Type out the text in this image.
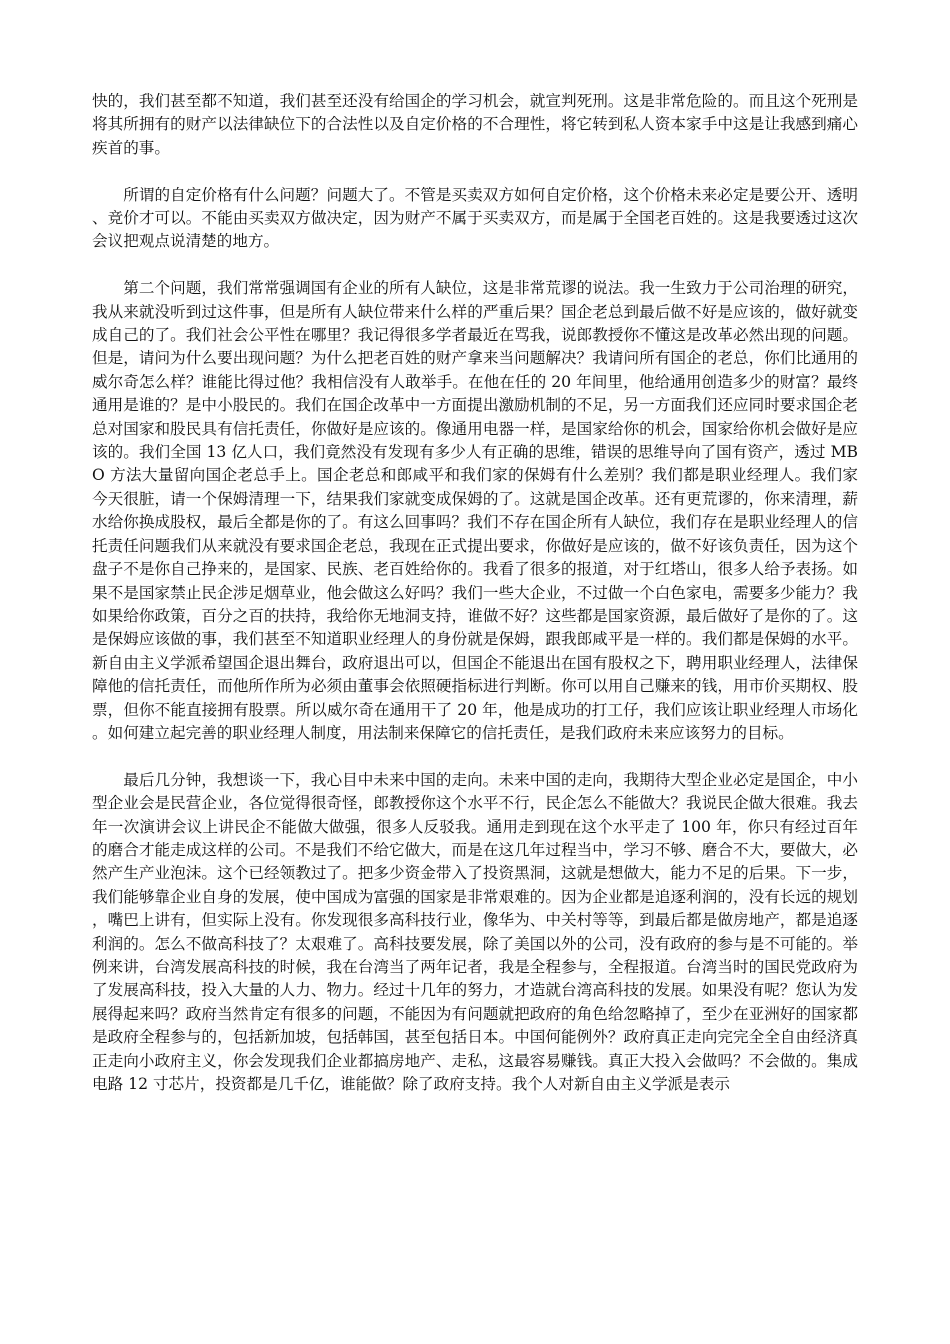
快的，我们甚至都不知道，我们甚至还没有给国企的学习机会，就宣判死刑。这是非常危险的。而且这个死刑是将其所拥有的财产以法律缺位下的合法性以及自定价格的不合理性，将它转到私人资本家手中这是让我感到痛心疾首的事。

所谓的自定价格有什么问题？问题大了。不管是买卖双方如何自定价格，这个价格未来必定是要公开、透明、竞价才可以。不能由买卖双方做决定，因为财产不属于买卖双方，而是属于全国老百姓的。这是我要透过这次会议把观点说清楚的地方。

第二个问题，我们常常强调国有企业的所有人缺位，这是非常荒谬的说法。我一生致力于公司治理的研究，我从来就没听到过这件事，但是所有人缺位带来什么样的严重后果？国企老总到最后做不好是应该的，做好就变成自己的了。我们社会公平性在哪里？我记得很多学者最近在骂我，说郎教授你不懂这是改革必然出现的问题。但是，请问为什么要出现问题？为什么把老百姓的财产拿来当问题解决？我请问所有国企的老总，你们比通用的威尔奇怎么样？谁能比得过他？我相信没有人敢举手。在他在任的 20 年间里，他给通用创造多少的财富？最终通用是谁的？是中小股民的。我们在国企改革中一方面提出激励机制的不足，另一方面我们还应同时要求国企老总对国家和股民具有信托责任，你做好是应该的。像通用电器一样，是国家给你的机会，国家给你机会做好是应该的。我们全国 13 亿人口，我们竟然没有发现有多少人有正确的思维，错误的思维导向了国有资产，透过 MBO 方法大量留向国企老总手上。国企老总和郎咸平和我们家的保姆有什么差别？我们都是职业经理人。我们家今天很脏，请一个保姆清理一下，结果我们家就变成保姆的了。这就是国企改革。还有更荒谬的，你来清理，薪水给你换成股权，最后全都是你的了。有这么回事吗？我们不存在国企所有人缺位，我们存在是职业经理人的信托责任问题我们从来就没有要求国企老总，我现在正式提出要求，你做好是应该的，做不好该负责任，因为这个盘子不是你自己挣来的，是国家、民族、老百姓给你的。我看了很多的报道，对于红塔山，很多人给予表扬。如果不是国家禁止民企涉足烟草业，他会做这么好吗？我们一些大企业，不过做一个白色家电，需要多少能力？我如果给你政策，百分之百的扶持，我给你无地洞支持，谁做不好？这些都是国家资源，最后做好了是你的了。这是保姆应该做的事，我们甚至不知道职业经理人的身份就是保姆，跟我郎咸平是一样的。我们都是保姆的水平。新自由主义学派希望国企退出舞台，政府退出可以，但国企不能退出在国有股权之下，聘用职业经理人，法律保障他的信托责任，而他所作所为必须由董事会依照硬指标进行判断。你可以用自己赚来的钱，用市价买期权、股票，但你不能直接拥有股票。所以威尔奇在通用干了 20 年，他是成功的打工仔，我们应该让职业经理人市场化。如何建立起完善的职业经理人制度，用法制来保障它的信托责任，是我们政府未来应该努力的目标。

最后几分钟，我想谈一下，我心目中未来中国的走向。未来中国的走向，我期待大型企业必定是国企，中小型企业会是民营企业，各位觉得很奇怪，郎教授你这个水平不行，民企怎么不能做大？我说民企做大很难。我去年一次演讲会议上讲民企不能做大做强，很多人反驳我。通用走到现在这个水平走了 100 年，你只有经过百年的磨合才能走成这样的公司。不是我们不给它做大，而是在这几年过程当中，学习不够、磨合不大，要做大，必然产生产业泡沫。这个已经领教过了。把多少资金带入了投资黑洞，这就是想做大，能力不足的后果。下一步，我们能够靠企业自身的发展，使中国成为富强的国家是非常艰难的。因为企业都是追逐利润的，没有长远的规划，嘴巴上讲有，但实际上没有。你发现很多高科技行业，像华为、中关村等等，到最后都是做房地产，都是追逐利润的。怎么不做高科技了？太艰难了。高科技要发展，除了美国以外的公司，没有政府的参与是不可能的。举例来讲，台湾发展高科技的时候，我在台湾当了两年记者，我是全程参与，全程报道。台湾当时的国民党政府为了发展高科技，投入大量的人力、物力。经过十几年的努力，才造就台湾高科技的发展。如果没有呢？您认为发展得起来吗？政府当然肯定有很多的问题，不能因为有问题就把政府的角色给忽略掉了，至少在亚洲好的国家都是政府全程参与的，包括新加坡，包括韩国，甚至包括日本。中国何能例外？政府真正走向完完全全自由经济真正走向小政府主义，你会发现我们企业都搞房地产、走私，这最容易赚钱。真正大投入会做吗？不会做的。集成电路 12 寸芯片，投资都是几千亿，谁能做？除了政府支持。我个人对新自由主义学派是表示
